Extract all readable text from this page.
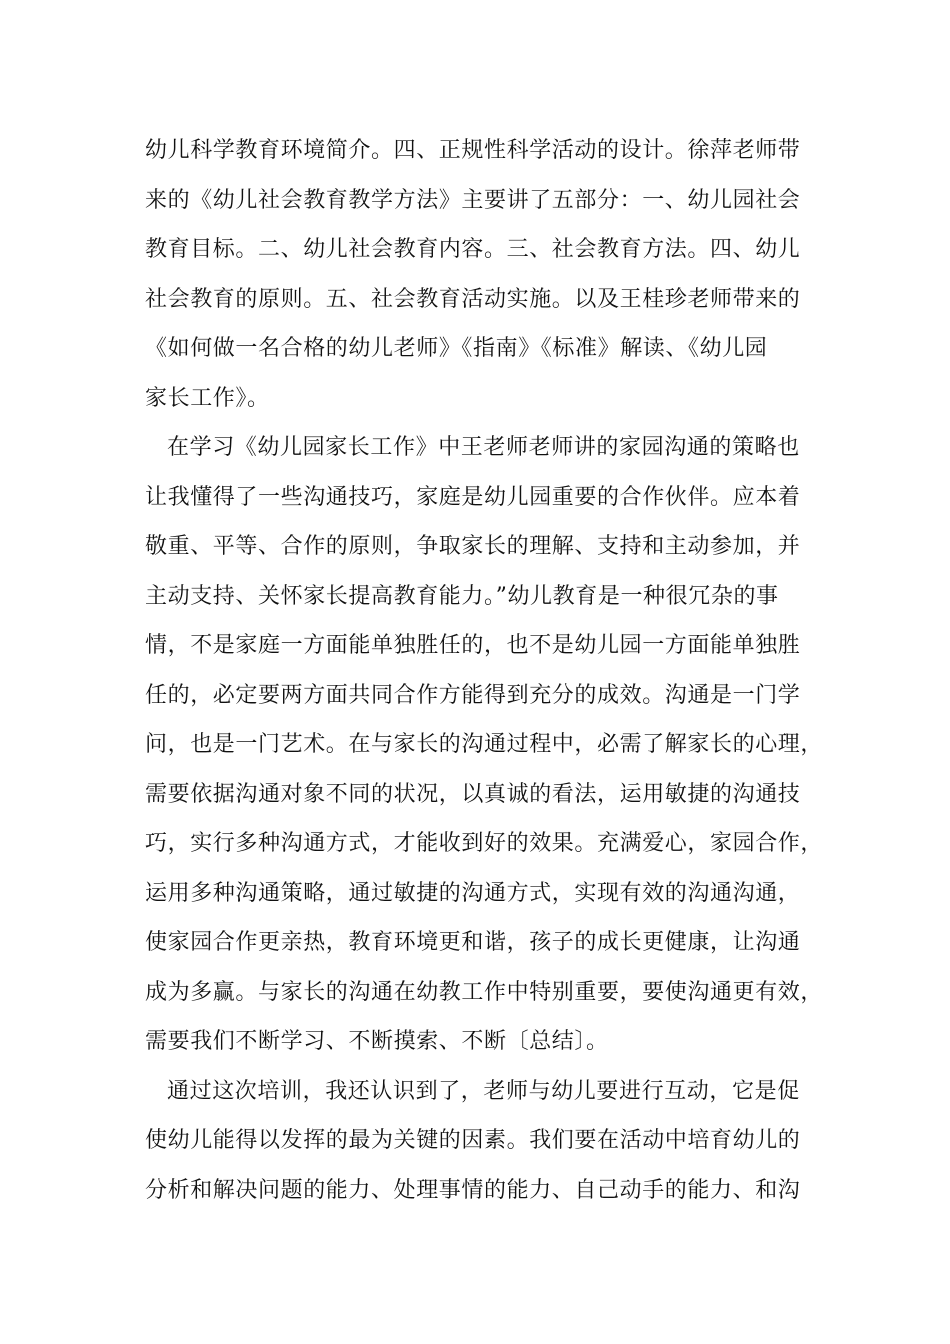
幼儿科学教育环境简介。四、正规性科学活动的设计。徐萍老师带
来的《幼儿社会教育教学方法》主要讲了五部分：一、幼儿园社会
教育目标。二、幼儿社会教育内容。三、社会教育方法。四、幼儿
社会教育的原则。五、社会教育活动实施。以及王桂珍老师带来的
《如何做一名合格的幼儿老师》《指南》《标准》解读、《幼儿园
家长工作》。
在学习《幼儿园家长工作》中王老师老师讲的家园沟通的策略也
让我懂得了一些沟通技巧，家庭是幼儿园重要的合作伙伴。应本着
敬重、平等、合作的原则，争取家长的理解、支持和主动参加，并
主动支持、关怀家长提高教育能力。”幼儿教育是一种很冗杂的事
情，不是家庭一方面能单独胜任的，也不是幼儿园一方面能单独胜
任的，必定要两方面共同合作方能得到充分的成效。沟通是一门学
问，也是一门艺术。在与家长的沟通过程中，必需了解家长的心理，
需要依据沟通对象不同的状况，以真诚的看法，运用敏捷的沟通技
巧，实行多种沟通方式，才能收到好的效果。充满爱心，家园合作，
运用多种沟通策略，通过敏捷的沟通方式，实现有效的沟通沟通，
使家园合作更亲热，教育环境更和谐，孩子的成长更健康，让沟通
成为多赢。与家长的沟通在幼教工作中特别重要，要使沟通更有效，
需要我们不断学习、不断摸索、不断〔总结〕。
通过这次培训，我还认识到了，老师与幼儿要进行互动，它是促
使幼儿能得以发挥的最为关键的因素。我们要在活动中培育幼儿的
分析和解决问题的能力、处理事情的能力、自己动手的能力、和沟
